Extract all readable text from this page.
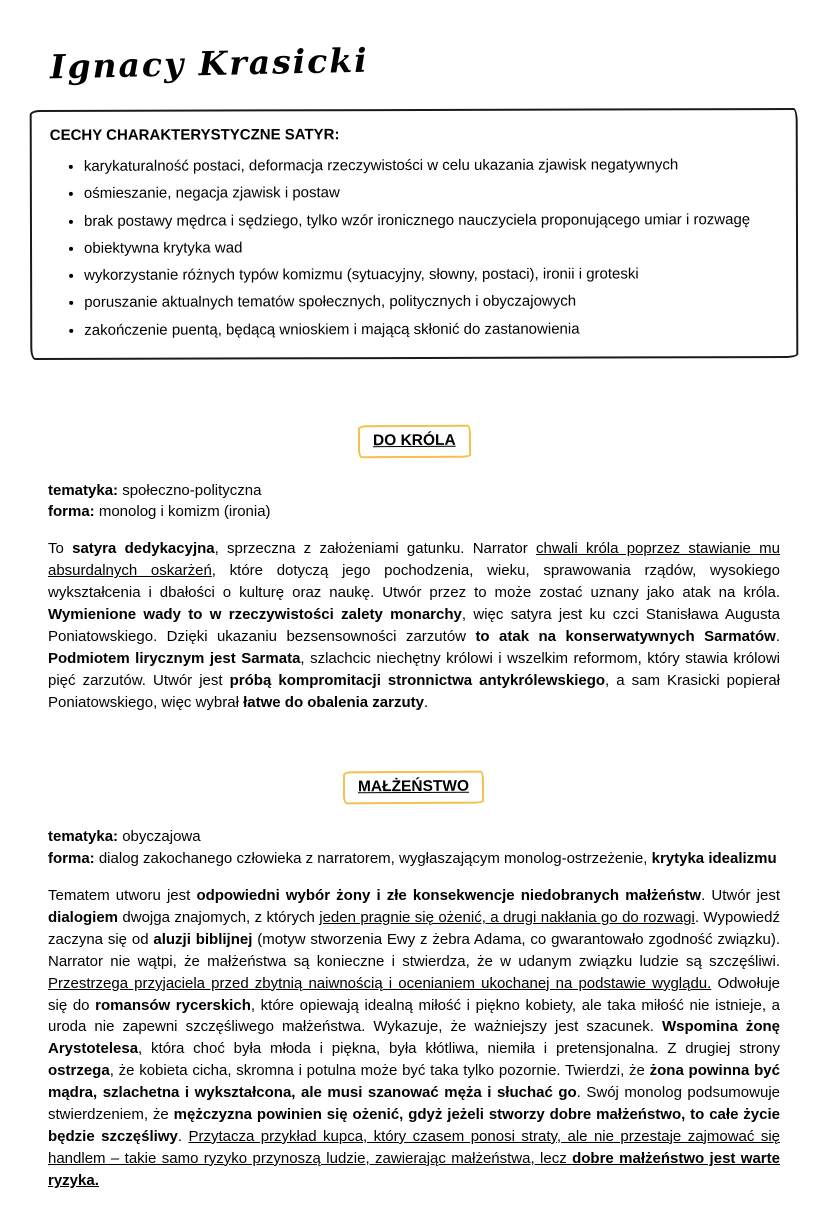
Ignacy Krasicki
CECHY CHARAKTERYSTYCZNE SATYR:
• karykaturalność postaci, deformacja rzeczywistości w celu ukazania zjawisk negatywnych
• ośmieszanie, negacja zjawisk i postaw
• brak postawy mędrca i sędziego, tylko wzór ironicznego nauczyciela proponującego umiar i rozwagę
• obiektywna krytyka wad
• wykorzystanie różnych typów komizmu (sytuacyjny, słowny, postaci), ironii i groteski
• poruszanie aktualnych tematów społecznych, politycznych i obyczajowych
• zakończenie puentą, będącą wnioskiem i mającą skłonić do zastanowienia
DO KRÓLA

tematyka: społeczno-polityczna

forma: monolog i komizm (ironia)

To satyra dedykacyjna, sprzeczna z założeniami gatunku. Narrator chwali króla poprzez stawianie mu absurdalnych oskarżeń, które dotyczą jego pochodzenia, wieku, sprawowania rządów, wysokiego wykształcenia i dbałości o kulturę oraz naukę. Utwór przez to może zostać uznany jako atak na króla. Wymienione wady to w rzeczywistości zalety monarchy, więc satyra jest ku czci Stanisława Augusta Poniatowskiego. Dzięki ukazaniu bezsensowności zarzutów to atak na konserwatywnych Sarmatów. Podmiotem lirycznym jest Sarmata, szlachcic niechętny królowi i wszelkim reformom, który stawia królowi pięć zarzutów. Utwór jest próbą kompromitacji stronnictwa antykrólewskiego, a sam Krasicki popierał Poniatowskiego, więc wybrał łatwe do obalenia zarzuty.

MAŁŻEŃSTWO

tematyka: obyczajowa

forma: dialog zakochanego człowieka z narratorem, wygłaszającym monolog-ostrzeżenie, krytyka idealizmu

Tematem utworu jest odpowiedni wybór żony i złe konsekwencje niedobranych małżeństw. Utwór jest dialogiem dwojga znajomych, z których jeden pragnie się ożenić, a drugi nakłania go do rozwagi. Wypowiedź zaczyna się od aluzji biblijnej (motyw stworzenia Ewy z żebra Adama, co gwarantowało zgodność związku). Narrator nie wątpi, że małżeństwa są konieczne i stwierdza, że w udanym związku ludzie są szczęśliwi. Przestrzega przyjaciela przed zbytnią naiwnością i ocenianiem ukochanej na podstawie wyglądu. Odwołuje się do romansów rycerskich, które opiewają idealną miłość i piękno kobiety, ale taka miłość nie istnieje, a uroda nie zapewni szczęśliwego małżeństwa. Wykazuje, że ważniejszy jest szacunek. Wspomina żonę Arystotelesa, która choć była młoda i piękna, była kłótliwa, niemiła i pretensjonalna. Z drugiej strony ostrzega, że kobieta cicha, skromna i potulna może być taka tylko pozornie. Twierdzi, że żona powinna być mądra, szlachetna i wykształcona, ale musi szanować męża i słuchać go. Swój monolog podsumowuje stwierdzeniem, że mężczyzna powinien się ożenić, gdyż jeżeli stworzy dobre małżeństwo, to całe życie będzie szczęśliwy. Przytacza przykład kupca, który czasem ponosi straty, ale nie przestaje zajmować się handlem – takie samo ryzyko przynoszą ludzie, zawierając małżeństwa, lecz dobre małżeństwo jest warte ryzyka.
